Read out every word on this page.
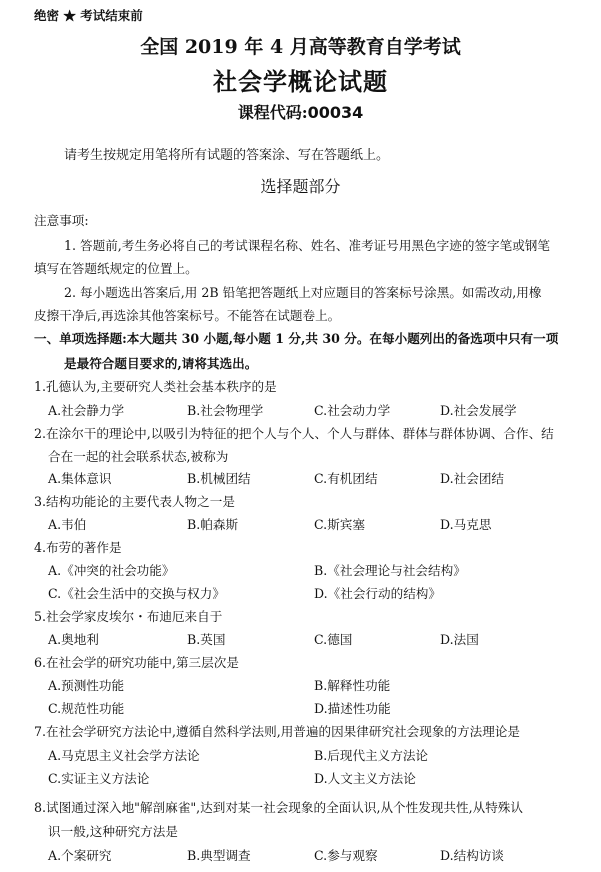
绝密 ★ 考试结束前
全国 2019 年 4 月高等教育自学考试
社会学概论试题
课程代码:00034
请考生按规定用笔将所有试题的答案涂、写在答题纸上。
选择题部分
注意事项:
1. 答题前,考生务必将自己的考试课程名称、姓名、准考证号用黑色字迹的签字笔或钢笔
填写在答题纸规定的位置上。
2. 每小题选出答案后,用 2B 铅笔把答题纸上对应题目的答案标号涂黑。如需改动,用橡
皮擦干净后,再选涂其他答案标号。不能答在试题卷上。
一、单项选择题:本大题共 30 小题,每小题 1 分,共 30 分。在每小题列出的备选项中只有一项
是最符合题目要求的,请将其选出。
1.孔德认为,主要研究人类社会基本秩序的是
A.社会静力学	B.社会物理学	C.社会动力学	D.社会发展学
2.在涂尔干的理论中,以吸引为特征的把个人与个人、个人与群体、群体与群体协调、合作、结
合在一起的社会联系状态,被称为
A.集体意识	B.机械团结	C.有机团结	D.社会团结
3.结构功能论的主要代表人物之一是
A.韦伯	B.帕森斯	C.斯宾塞	D.马克思
4.布劳的著作是
A.《冲突的社会功能》	B.《社会理论与社会结构》
C.《社会生活中的交换与权力》	D.《社会行动的结构》
5.社会学家皮埃尔・布迪厄来自于
A.奥地利	B.英国	C.德国	D.法国
6.在社会学的研究功能中,第三层次是
A.预测性功能	B.解释性功能
C.规范性功能	D.描述性功能
7.在社会学研究方法论中,遵循自然科学法则,用普遍的因果律研究社会现象的方法理论是
A.马克思主义社会学方法论	B.后现代主义方法论
C.实证主义方法论	D.人文主义方法论
8.试图通过深入地"解剖麻雀",达到对某一社会现象的全面认识,从个性发现共性,从特殊认
识一般,这种研究方法是
A.个案研究	B.典型调查	C.参与观察	D.结构访谈
